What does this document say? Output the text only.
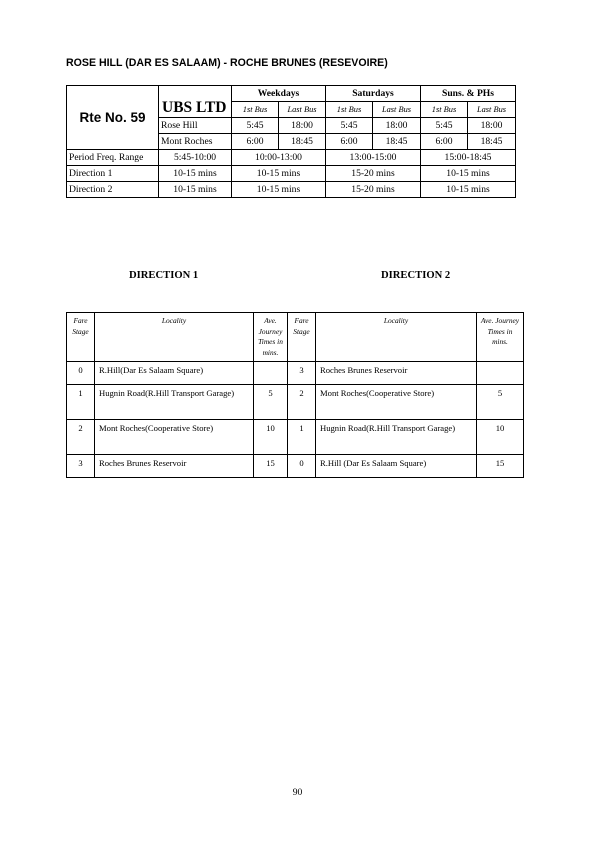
ROSE HILL (DAR ES SALAAM) - ROCHE BRUNES (RESEVOIRE)
Rte No. 59	UBS LTD	Weekdays		Saturdays		Suns. & PHs	
		1st Bus	Last Bus	1st Bus	Last Bus	1st Bus	Last Bus
	Rose Hill	5:45	18:00	5:45	18:00	5:45	18:00
	Mont Roches	6:00	18:45	6:00	18:45	6:00	18:45
Period Freq. Range	5:45-10:00	10:00-13:00		13:00-15:00		15:00-18:45	
Direction 1	10-15 mins	10-15 mins		15-20 mins		10-15 mins	
Direction 2	10-15 mins	10-15 mins		15-20 mins		10-15 mins	
DIRECTION 1	DIRECTION 2
Fare Stage	Locality	Ave. Journey Times in mins.	Fare Stage	Locality	Ave. Journey Times in mins.
0	R.Hill(Dar Es Salaam Square)		3	Roches Brunes Reservoir	
1	Hugnin Road(R.Hill Transport Garage)	5	2	Mont Roches(Cooperative Store)	5
2	Mont Roches(Cooperative Store)	10	1	Hugnin Road(R.Hill Transport Garage)	10
3	Roches Brunes Reservoir	15	0	R.Hill (Dar Es Salaam Square)	15
90
